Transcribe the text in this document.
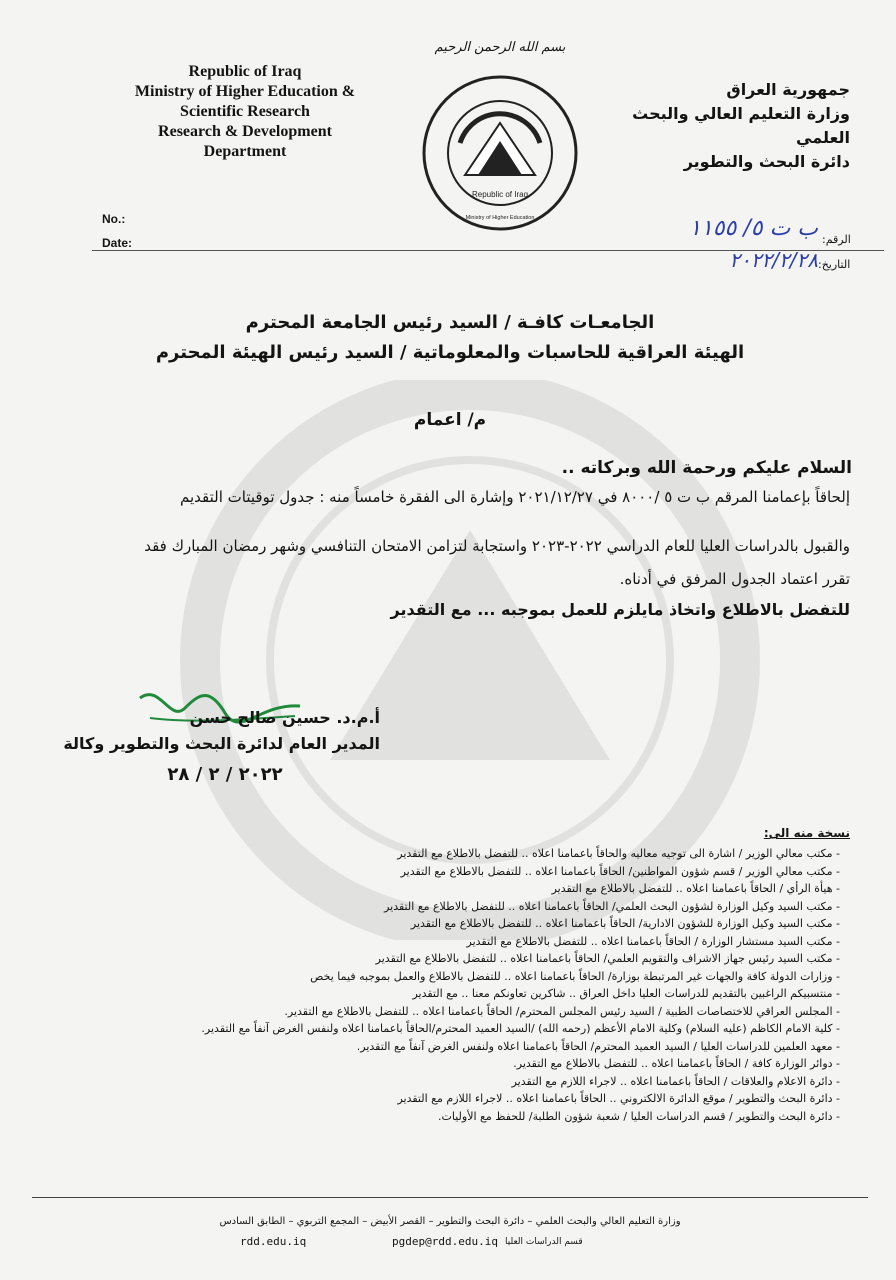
بسم الله الرحمن الرحيم
Republic of Iraq
Ministry of Higher Education &
Scientific Research
Research & Development
Department
Republic of Iraq
Ministry of Higher Education
جمهورية العراق
وزارة التعليم العالي والبحث العلمي
دائرة البحث والتطوير
No.:
Date:	الرقم:
التاريخ:
ب ت ٥/ ١١٥٥
٢٠٢٢/٢/٢٨
الجامعـات كافـة / السيد رئيس الجامعة المحترم
الهيئة العراقية للحاسبات والمعلوماتية / السيد رئيس الهيئة المحترم
م/ اعمام
السلام عليكم ورحمة الله وبركاته ..
إلحاقاً بإعمامنا المرقم ب ت ٥ /٨٠٠٠ في ٢٠٢١/١٢/٢٧ وإشارة الى الفقرة خامساً منه : جدول توقيتات التقديم
والقبول بالدراسات العليا للعام الدراسي ٢٠٢٢-٢٠٢٣ واستجابة لتزامن الامتحان التنافسي وشهر رمضان المبارك فقد
تقرر اعتماد الجدول المرفق في أدناه.
للتفضل بالاطلاع واتخاذ مايلزم للعمل بموجبه ... مع التقدير
أ.م.د. حسين صالح حسن
المدير العام لدائرة البحث والتطوير وكالة
٢٠٢٢ / ٢ / ٢٨
نسخة منه الى:
- مكتب معالي الوزير / اشارة الى توجيه معاليه والحاقاً باعمامنا اعلاه .. للتفضل بالاطلاع مع التقدير
- مكتب معالي الوزير / قسم شؤون المواطنين/ الحاقاً باعمامنا اعلاه .. للتفضل بالاطلاع مع التقدير
- هيأة الرأي / الحاقاً باعمامنا اعلاه .. للتفضل بالاطلاع مع التقدير
- مكتب السيد وكيل الوزارة لشؤون البحث العلمي/ الحاقاً باعمامنا اعلاه .. للتفضل بالاطلاع مع التقدير
- مكتب السيد وكيل الوزارة للشؤون الادارية/ الحاقاً باعمامنا اعلاه .. للتفضل بالاطلاع مع التقدير
- مكتب السيد مستشار الوزارة / الحاقاً باعمامنا اعلاه .. للتفضل بالاطلاع مع التقدير
- مكتب السيد رئيس جهاز الاشراف والتقويم العلمي/ الحاقاً باعمامنا اعلاه .. للتفضل بالاطلاع مع التقدير
- وزارات الدولة كافة والجهات غير المرتبطة بوزارة/ الحاقاً باعمامنا اعلاه .. للتفضل بالاطلاع والعمل بموجبه فيما يخص
- منتسبيكم الراغبين بالتقديم للدراسات العليا داخل العراق .. شاكرين تعاونكم معنا .. مع التقدير
- المجلس العراقي للاختصاصات الطبية / السيد رئيس المجلس المحترم/ الحاقاً باعمامنا اعلاه .. للتفضل بالاطلاع مع التقدير.
- كلية الامام الكاظم (عليه السلام) وكلية الامام الأعظم (رحمه الله) /السيد العميد المحترم/الحاقاً باعمامنا اعلاه ولنفس الغرض آنفاً مع التقدير.
- معهد العلمين للدراسات العليا / السيد العميد المحترم/ الحاقاً باعمامنا اعلاه ولنفس الغرض آنفاً مع التقدير.
- دوائر الوزارة كافة / الحاقاً باعمامنا اعلاه .. للتفضل بالاطلاع مع التقدير.
- دائرة الاعلام والعلاقات / الحاقاً باعمامنا اعلاه .. لاجراء اللازم مع التقدير
- دائرة البحث والتطوير / موقع الدائرة الالكتروني .. الحاقاً باعمامنا اعلاه .. لاجراء اللازم مع التقدير
- دائرة البحث والتطوير / قسم الدراسات العليا / شعبة شؤون الطلبة/ للحفظ مع الأوليات.
وزارة التعليم العالي والبحث العلمي – دائرة البحث والتطوير – القصر الأبيض – المجمع التربوي – الطابق السادس
rdd.edu.iq	pgdep@rdd.edu.iq قسم الدراسات العليا
